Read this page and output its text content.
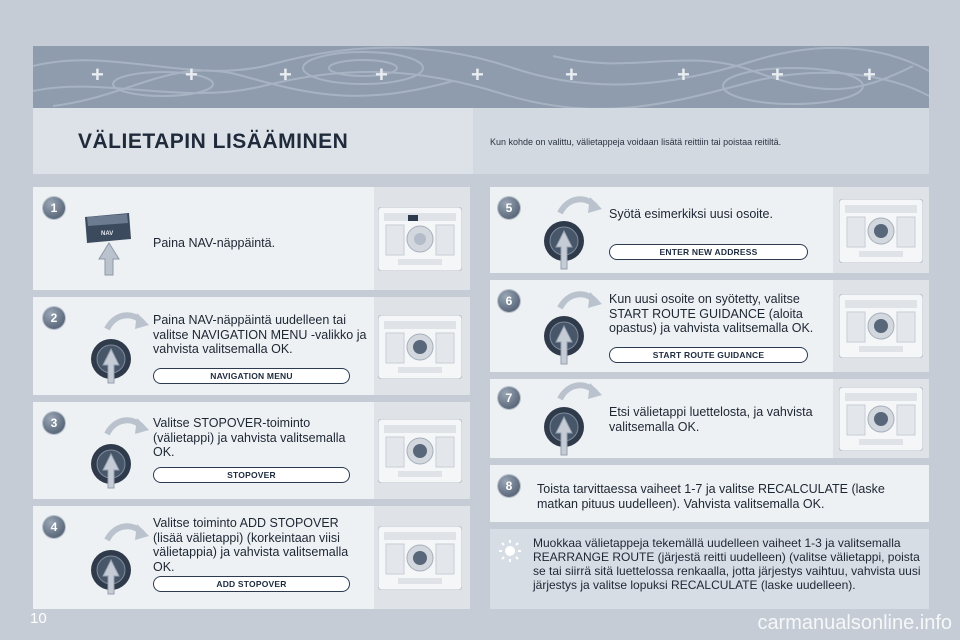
+	+	+	+	+	+	+	+	+
VÄLIETAPIN LISÄÄMINEN	Kun kohde on valittu, välietappeja voidaan lisätä reittiin tai poistaa reitiltä.
1
NAV
Paina NAV-näppäintä.
2	Paina NAV-näppäintä uudelleen tai valitse NAVIGATION MENU -valikko ja vahvista valitsemalla OK.
NAVIGATION MENU
3	Valitse STOPOVER-toiminto (välietappi) ja vahvista valitsemalla OK.
STOPOVER
4	Valitse toiminto ADD STOPOVER (lisää välietappi) (korkeintaan viisi välietappia) ja vahvista valitsemalla OK.
ADD STOPOVER
5	Syötä esimerkiksi uusi osoite.
ENTER NEW ADDRESS
6	Kun uusi osoite on syötetty, valitse START ROUTE GUIDANCE (aloita opastus) ja vahvista valitsemalla OK.
START ROUTE GUIDANCE
7
Etsi välietappi luettelosta, ja vahvista valitsemalla OK.
8	Toista tarvittaessa vaiheet 1-7 ja valitse RECALCULATE (laske matkan pituus uudelleen). Vahvista valitsemalla OK.
Muokkaa välietappeja tekemällä uudelleen vaiheet 1-3 ja valitsemalla REARRANGE ROUTE (järjestä reitti uudelleen) (valitse välietappi, poista se tai siirrä sitä luettelossa renkaalla, jotta järjestys vaihtuu, vahvista uusi järjestys ja valitse lopuksi RECALCULATE (laske uudelleen).
10	carmanualsonline.info
